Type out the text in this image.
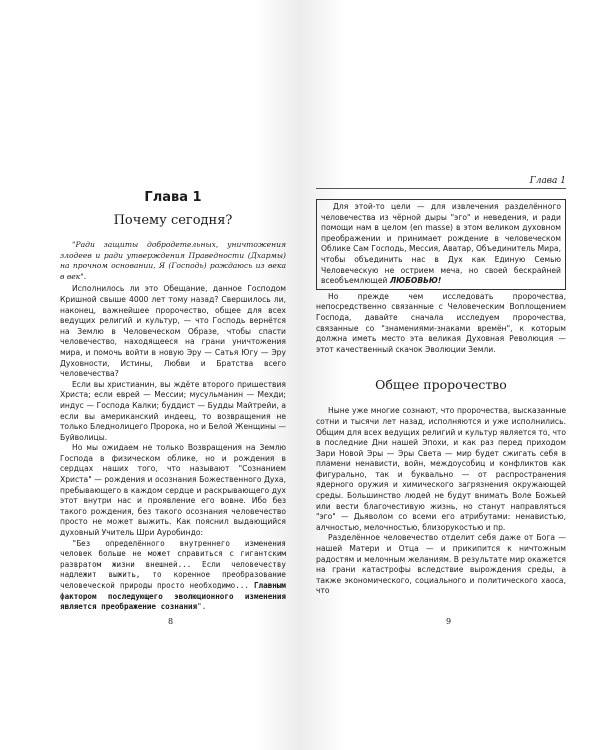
Глава 1
Почему сегодня?
"Ради защиты добродетельных, уничтожения злодеев и ради утверждения Праведности (Дхармы) на прочном основании, Я (Господь) рождаюсь из века в век".

Исполнилось ли это Обещание, данное Господом Кришной свыше 4000 лет тому назад? Свершилось ли, наконец, важнейшее пророчество, общее для всех ведущих религий и культур, — что Господь вернётся на Землю в Человеческом Образе, чтобы спасти человечество, находящееся на грани уничтожения мира, и помочь войти в новую Эру — Сатья Югу — Эру Духовности, Истины, Любви и Братства всего человечества?

Если вы христианин, вы ждёте второго пришествия Христа; если еврей — Мессии; мусульманин — Мехди; индус — Господа Калки; буддист — Будды Майтрейи, а если вы американский индеец, то возвращения не только Бледнолицего Пророка, но и Белой Женщины — Буйволицы.

Но мы ожидаем не только Возвращения на Землю Господа в физическом облике, но и рождения в сердцах наших того, что называют "Сознанием Христа" — рождения и осознания Божественного Духа, пребывающего в каждом сердце и раскрывающего дух этот внутри нас и проявление его вовне. Ибо без такого рождения, без такого осознания человечество просто не может выжить. Как пояснил выдающийся духовный Учитель Шри Ауробиндо:

"Без определённого внутреннего изменения человек больше не может справиться с гигантским развратом жизни внешней... Если человечеству надлежит выжить, то коренное преобразование человеческой природы просто необходимо... Главным фактором последующего эволюционного изменения является преображение сознания".

8
Глава 1
Для этой-то цели — для извлечения разделённого человечества из чёрной дыры "эго" и неведения, и ради помощи нам в целом (en masse) в этом великом духовном преображении и принимает рождение в человеческом Облике Сам Господь, Мессия, Аватар, Объединитель Мира, чтобы объединить нас в Дух как Единую Семью Человеческую не острием меча, но своей бескрайней всеобъемлющей ЛЮБОВЬЮ!

Но прежде чем исследовать пророчества, непосредственно связанные с Человеческим Воплощением Господа, давайте сначала исследуем пророчества, связанные со "знамениями-знаками времён", к которым должна иметь место эта великая Духовная Революция — этот качественный скачок Эволюции Земли.

Общее пророчество

Ныне уже многие сознают, что пророчества, высказанные сотни и тысячи лет назад, исполняются и уже исполнились. Общим для всех ведущих религий и культур является то, что в последние Дни нашей Эпохи, и как раз перед приходом Зари Новой Эры — Эры Света — мир будет сжигать себя в пламени ненависти, войн, междоусобиц и конфликтов как фигурально, так и буквально — от распространения ядерного оружия и химического загрязнения окружающей среды. Большинство людей не будут внимать Воле Божьей или вести благочестивую жизнь, но станут направляться "эго" — Дьяволом со всеми его атрибутами: ненавистью, алчностью, мелочностью, близорукостью и пр.

Разделённое человечество отделит себя даже от Бога — нашей Матери и Отца — и прикипится к ничтожным радостям и мелочным желаниям. В результате мир окажется на грани катастрофы вследствие вырождения среды, а также экономического, социального и политического хаоса, что

9
